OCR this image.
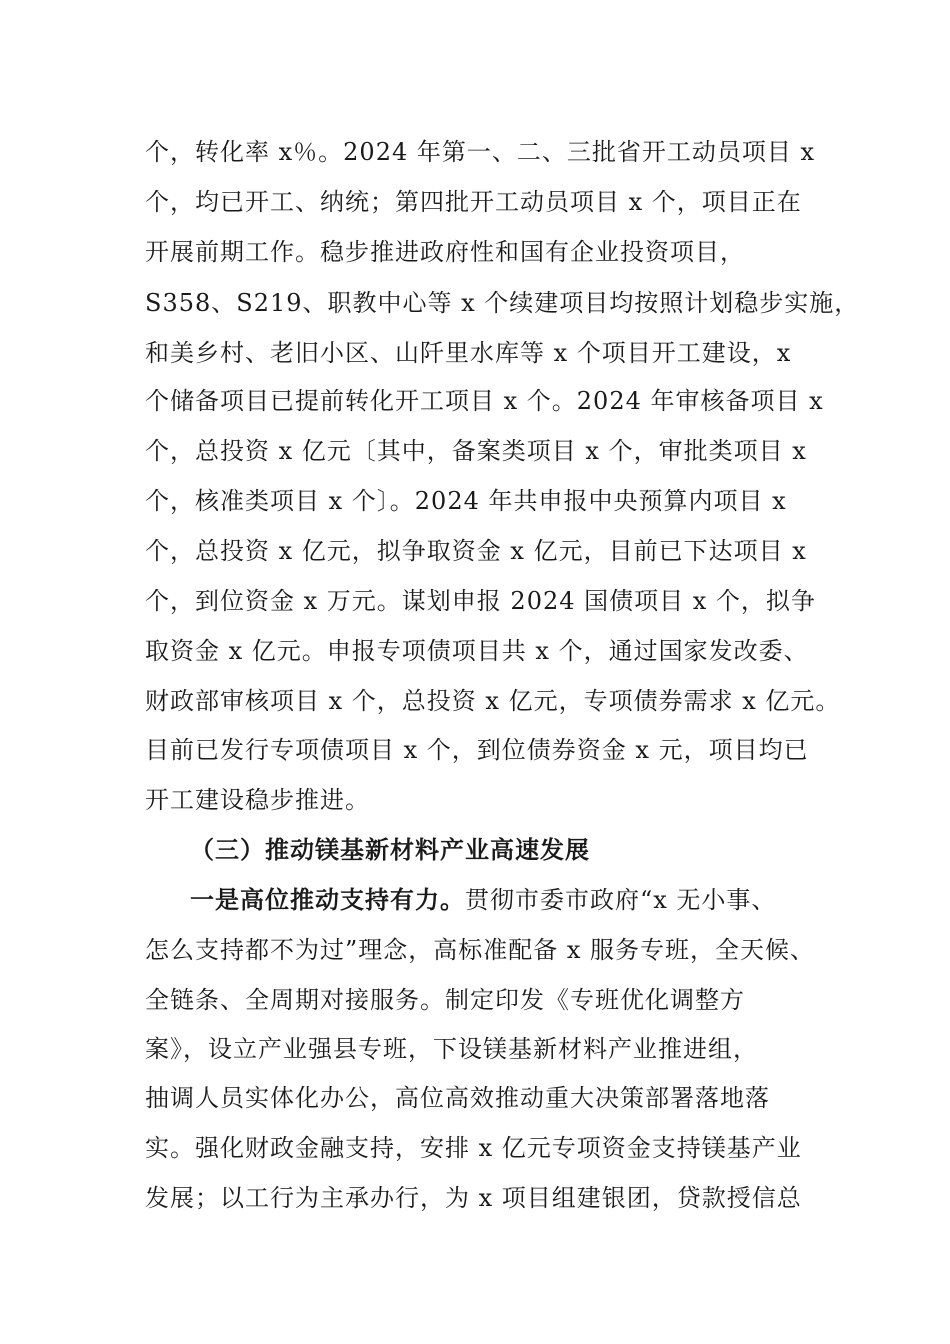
个，转化率 x％。2024 年第一、二、三批省开工动员项目 x
个，均已开工、纳统；第四批开工动员项目 x 个，项目正在
开展前期工作。稳步推进政府性和国有企业投资项目，
S358、S219、职教中心等 x 个续建项目均按照计划稳步实施，
和美乡村、老旧小区、山阡里水库等 x 个项目开工建设，x
个储备项目已提前转化开工项目 x 个。2024 年审核备项目 x
个，总投资 x 亿元〔其中，备案类项目 x 个，审批类项目 x
个，核准类项目 x 个〕。2024 年共申报中央预算内项目 x
个，总投资 x 亿元，拟争取资金 x 亿元，目前已下达项目 x
个，到位资金 x 万元。谋划申报 2024 国债项目 x 个，拟争
取资金 x 亿元。申报专项债项目共 x 个，通过国家发改委、
财政部审核项目 x 个，总投资 x 亿元，专项债券需求 x 亿元。
目前已发行专项债项目 x 个，到位债券资金 x 元，项目均已
开工建设稳步推进。
（三）推动镁基新材料产业高速发展
一是高位推动支持有力。贯彻市委市政府“x 无小事、
怎么支持都不为过”理念，高标准配备 x 服务专班，全天候、
全链条、全周期对接服务。制定印发《专班优化调整方
案》，设立产业强县专班，下设镁基新材料产业推进组，
抽调人员实体化办公，高位高效推动重大决策部署落地落
实。强化财政金融支持，安排 x 亿元专项资金支持镁基产业
发展；以工行为主承办行，为 x 项目组建银团，贷款授信总
